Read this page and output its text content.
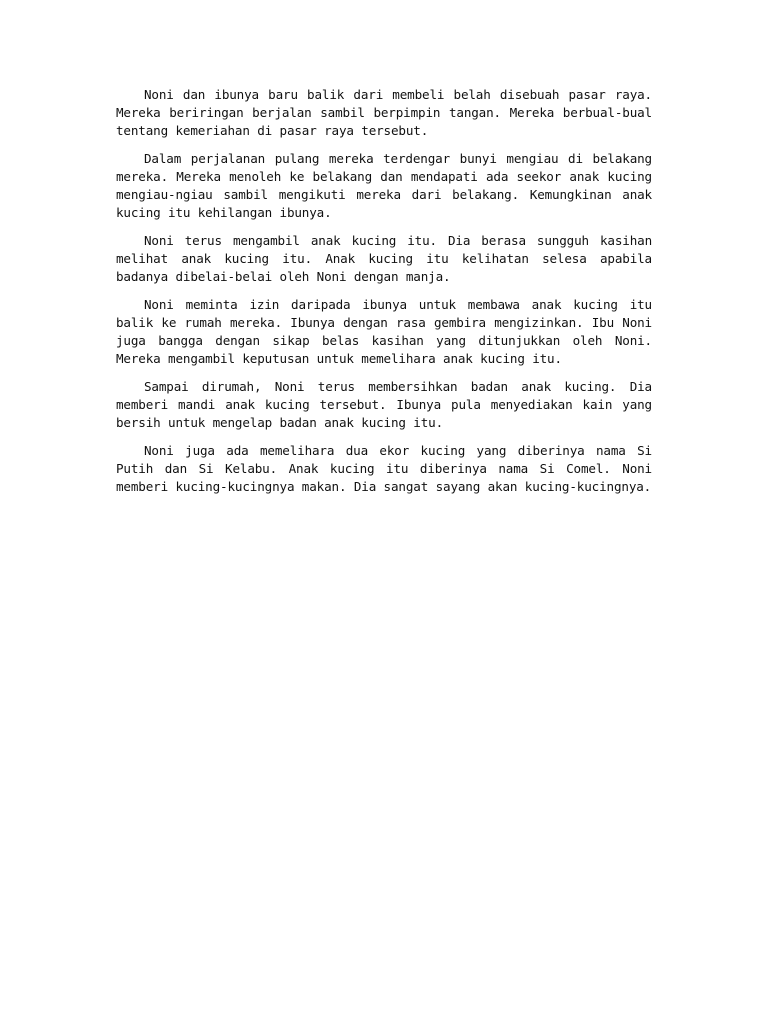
Noni dan ibunya baru balik dari membeli belah disebuah pasar raya. Mereka beriringan berjalan sambil berpimpin tangan. Mereka berbual-bual tentang kemeriahan di pasar raya tersebut.

Dalam perjalanan pulang mereka terdengar bunyi mengiau di belakang mereka. Mereka menoleh ke belakang dan mendapati ada seekor anak kucing mengiau-ngiau sambil mengikuti mereka dari belakang. Kemungkinan anak kucing itu kehilangan ibunya.

Noni terus mengambil anak kucing itu. Dia berasa sungguh kasihan melihat anak kucing itu. Anak kucing itu kelihatan selesa apabila badanya dibelai-belai oleh Noni dengan manja.

Noni meminta izin daripada ibunya untuk membawa anak kucing itu balik ke rumah mereka. Ibunya dengan rasa gembira mengizinkan. Ibu Noni juga bangga dengan sikap belas kasihan yang ditunjukkan oleh Noni. Mereka mengambil keputusan untuk memelihara anak kucing itu.

Sampai dirumah, Noni terus membersihkan badan anak kucing. Dia memberi mandi anak kucing tersebut. Ibunya pula menyediakan kain yang bersih untuk mengelap badan anak kucing itu.

Noni juga ada memelihara dua ekor kucing yang diberinya nama Si Putih dan Si Kelabu. Anak kucing itu diberinya nama Si Comel. Noni memberi kucing-kucingnya makan. Dia sangat sayang akan kucing-kucingnya.
